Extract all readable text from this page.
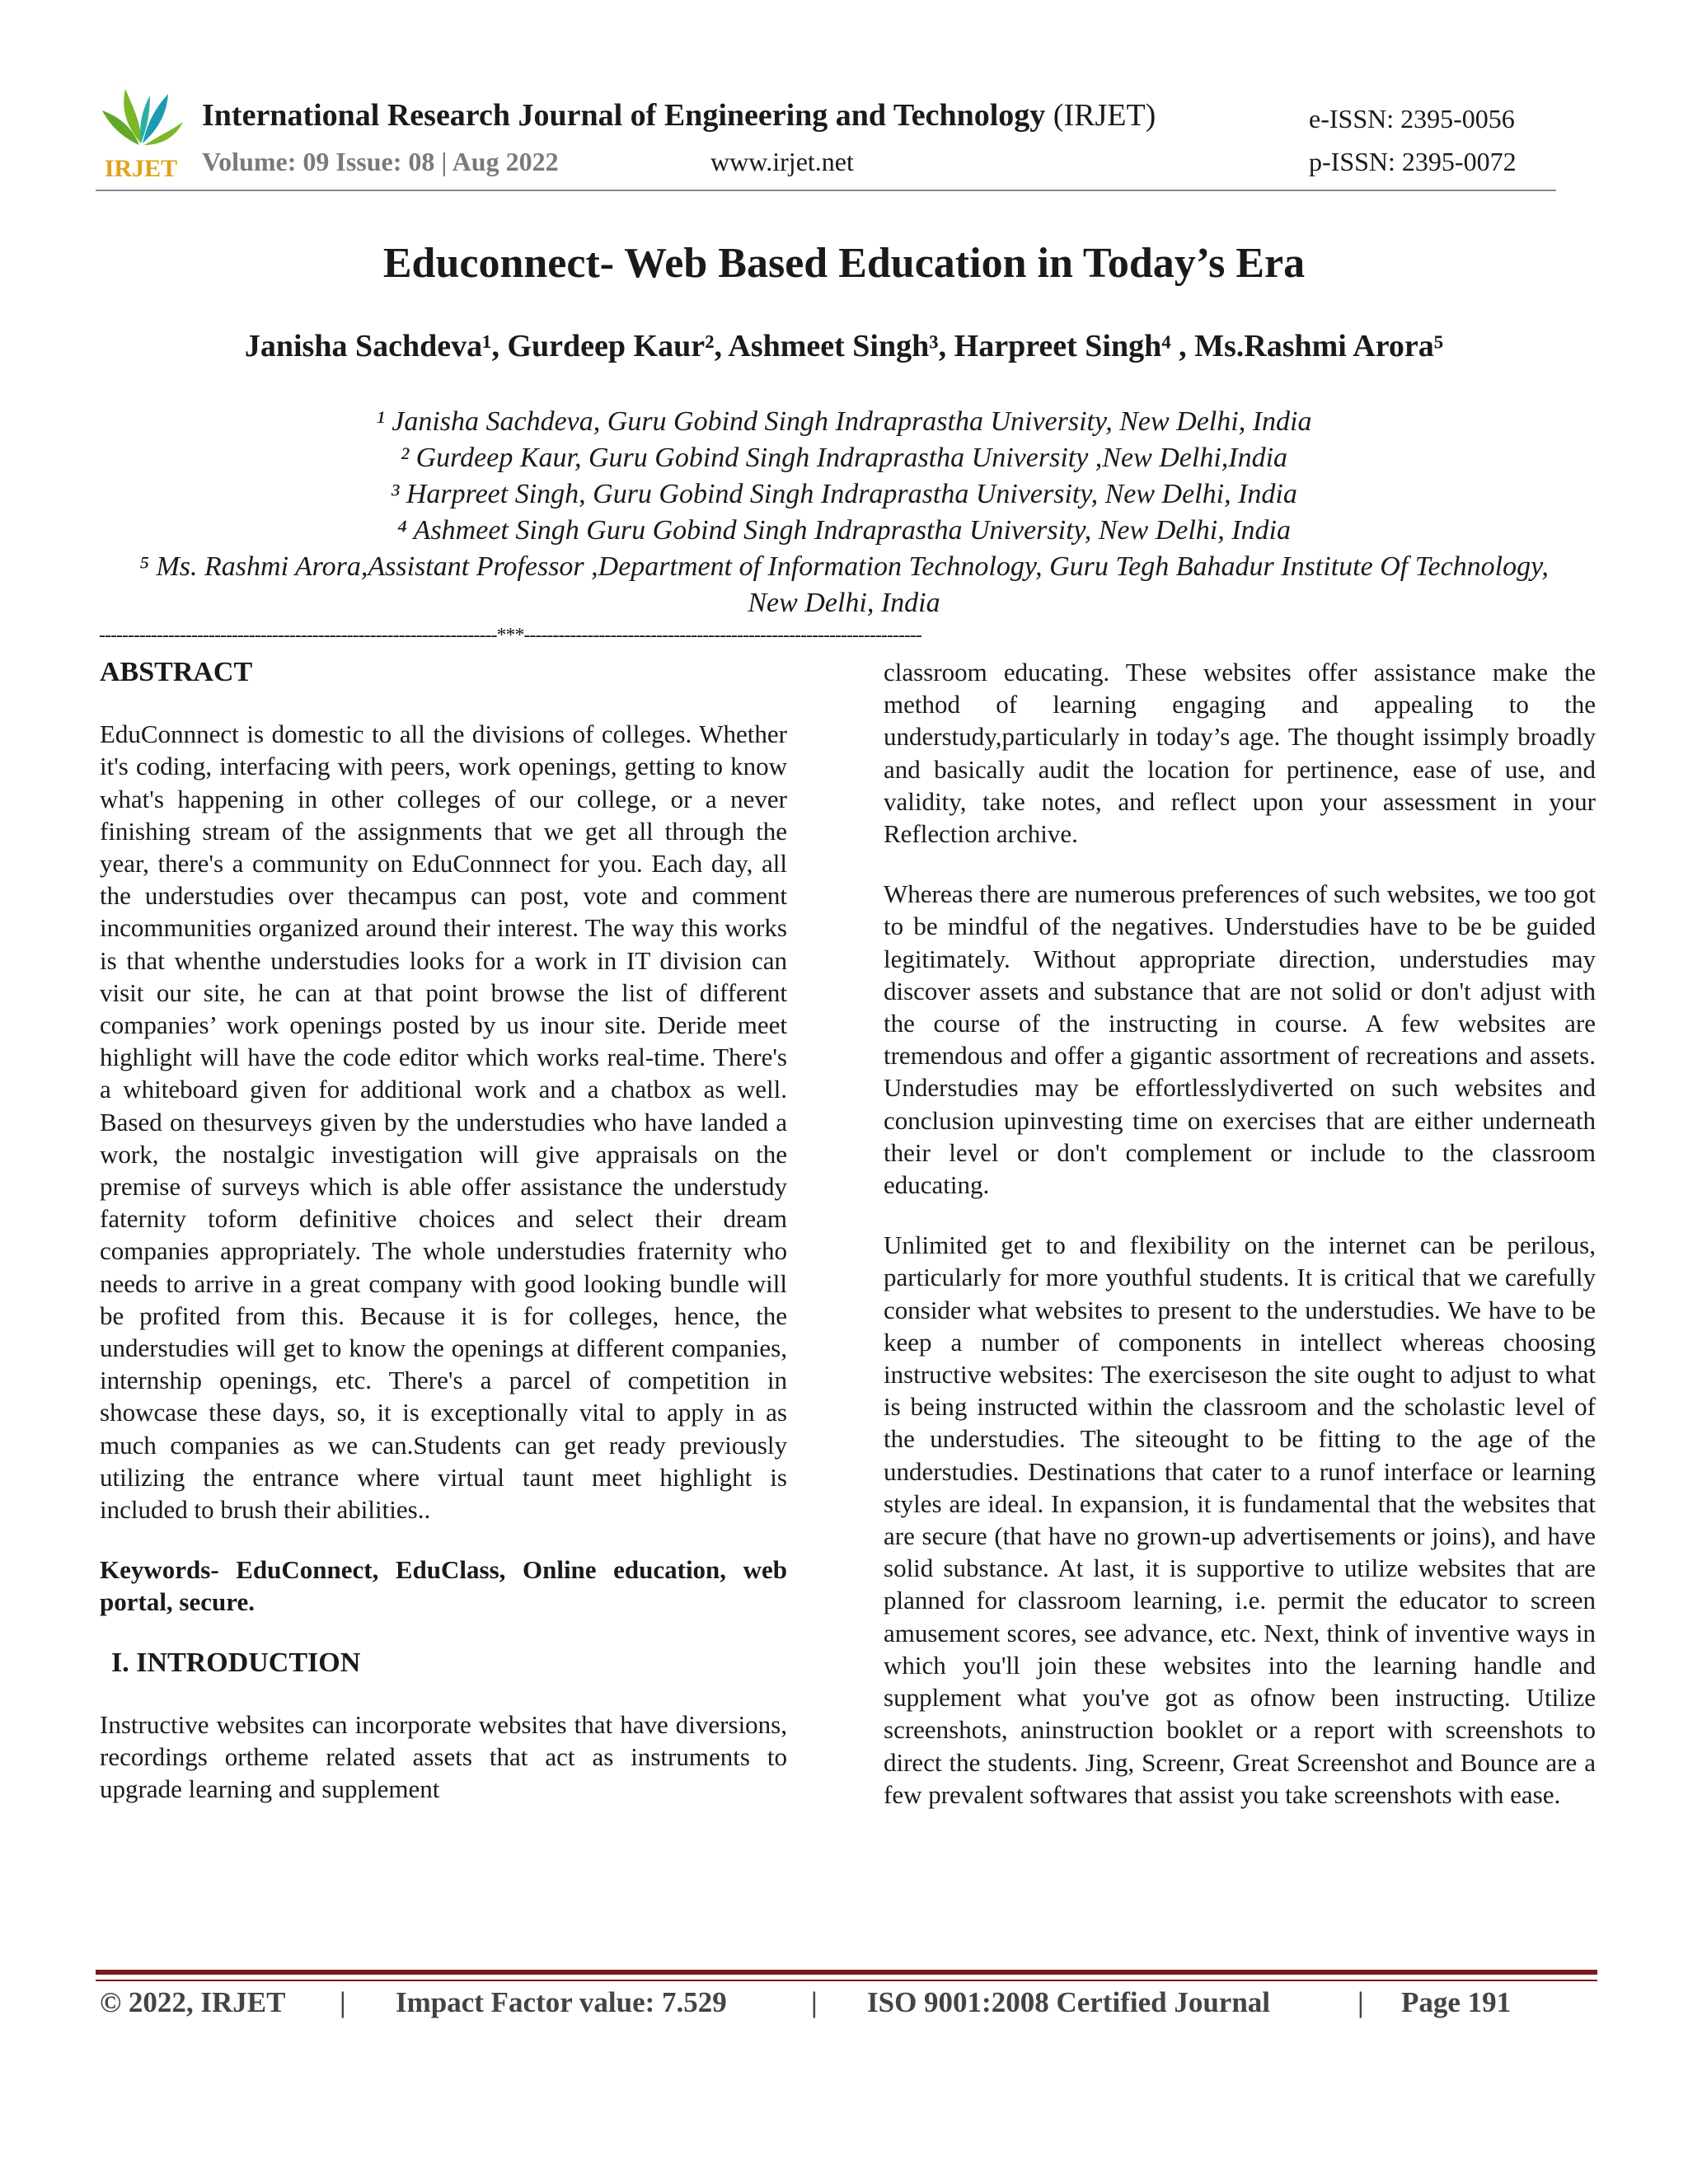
IRJET
International Research Journal of Engineering and Technology (IRJET)	e-ISSN: 2395-0056
Volume: 09 Issue: 08 | Aug 2022	www.irjet.net	p-ISSN: 2395-0072
Educonnect- Web Based Education in Today’s Era
Janisha Sachdeva¹, Gurdeep Kaur², Ashmeet Singh³, Harpreet Singh⁴ , Ms.Rashmi Arora⁵
¹ Janisha Sachdeva, Guru Gobind Singh Indraprastha University, New Delhi, India
² Gurdeep Kaur, Guru Gobind Singh Indraprastha University ,New Delhi,India
³ Harpreet Singh, Guru Gobind Singh Indraprastha University, New Delhi, India
⁴ Ashmeet Singh Guru Gobind Singh Indraprastha University, New Delhi, India
⁵ Ms. Rashmi Arora,Assistant Professor ,Department of Information Technology, Guru Tegh Bahadur Institute Of Technology, New Delhi, India
---------------------------------------------------------------------***---------------------------------------------------------------------
ABSTRACT

EduConnnect is domestic to all the divisions of colleges. Whether it's coding, interfacing with peers, work openings, getting to know what's happening in other colleges of our college, or a never finishing stream of the assignments that we get all through the year, there's a community on EduConnnect for you. Each day, all the understudies over thecampus can post, vote and comment incommunities organized around their interest. The way this works is that whenthe understudies looks for a work in IT division can visit our site, he can at that point browse the list of different companies’ work openings posted by us inour site. Deride meet highlight will have the code editor which works real-time. There's a whiteboard given for additional work and a chatbox as well. Based on thesurveys given by the understudies who have landed a work, the nostalgic investigation will give appraisals on the premise of surveys which is able offer assistance the understudy faternity toform definitive choices and select their dream companies appropriately. The whole understudies fraternity who needs to arrive in a great company with good looking bundle will be profited from this. Because it is for colleges, hence, the understudies will get to know the openings at different companies, internship openings, etc. There's a parcel of competition in showcase these days, so, it is exceptionally vital to apply in as much companies as we can.Students can get ready previously utilizing the entrance where virtual taunt meet highlight is included to brush their abilities..

Keywords- EduConnect, EduClass, Online education, web portal, secure.

I. INTRODUCTION

Instructive websites can incorporate websites that have diversions, recordings ortheme related assets that act as instruments to upgrade learning and supplement

classroom educating. These websites offer assistance make the method of learning engaging and appealing to the understudy,particularly in today’s age. The thought issimply broadly and basically audit the location for pertinence, ease of use, and validity, take notes, and reflect upon your assessment in your Reflection archive.

Whereas there are numerous preferences of such websites, we too got to be mindful of the negatives. Understudies have to be be guided legitimately. Without appropriate direction, understudies may discover assets and substance that are not solid or don't adjust with the course of the instructing in course. A few websites are tremendous and offer a gigantic assortment of recreations and assets. Understudies may be effortlesslydiverted on such websites and conclusion upinvesting time on exercises that are either underneath their level or don't complement or include to the classroom educating.

Unlimited get to and flexibility on the internet can be perilous, particularly for more youthful students. It is critical that we carefully consider what websites to present to the understudies. We have to be keep a number of components in intellect whereas choosing instructive websites: The exerciseson the site ought to adjust to what is being instructed within the classroom and the scholastic level of the understudies. The siteought to be fitting to the age of the understudies. Destinations that cater to a runof interface or learning styles are ideal. In expansion, it is fundamental that the websites that are secure (that have no grown-up advertisements or joins), and have solid substance. At last, it is supportive to utilize websites that are planned for classroom learning, i.e. permit the educator to screen amusement scores, see advance, etc. Next, think of inventive ways in which you'll join these websites into the learning handle and supplement what you've got as ofnow been instructing. Utilize screenshots, aninstruction booklet or a report with screenshots to direct the students. Jing, Screenr, Great Screenshot and Bounce are a few prevalent softwares that assist you take screenshots with ease.

© 2022, IRJET | Impact Factor value: 7.529	| ISO 9001:2008 Certified Journal	| Page 191
